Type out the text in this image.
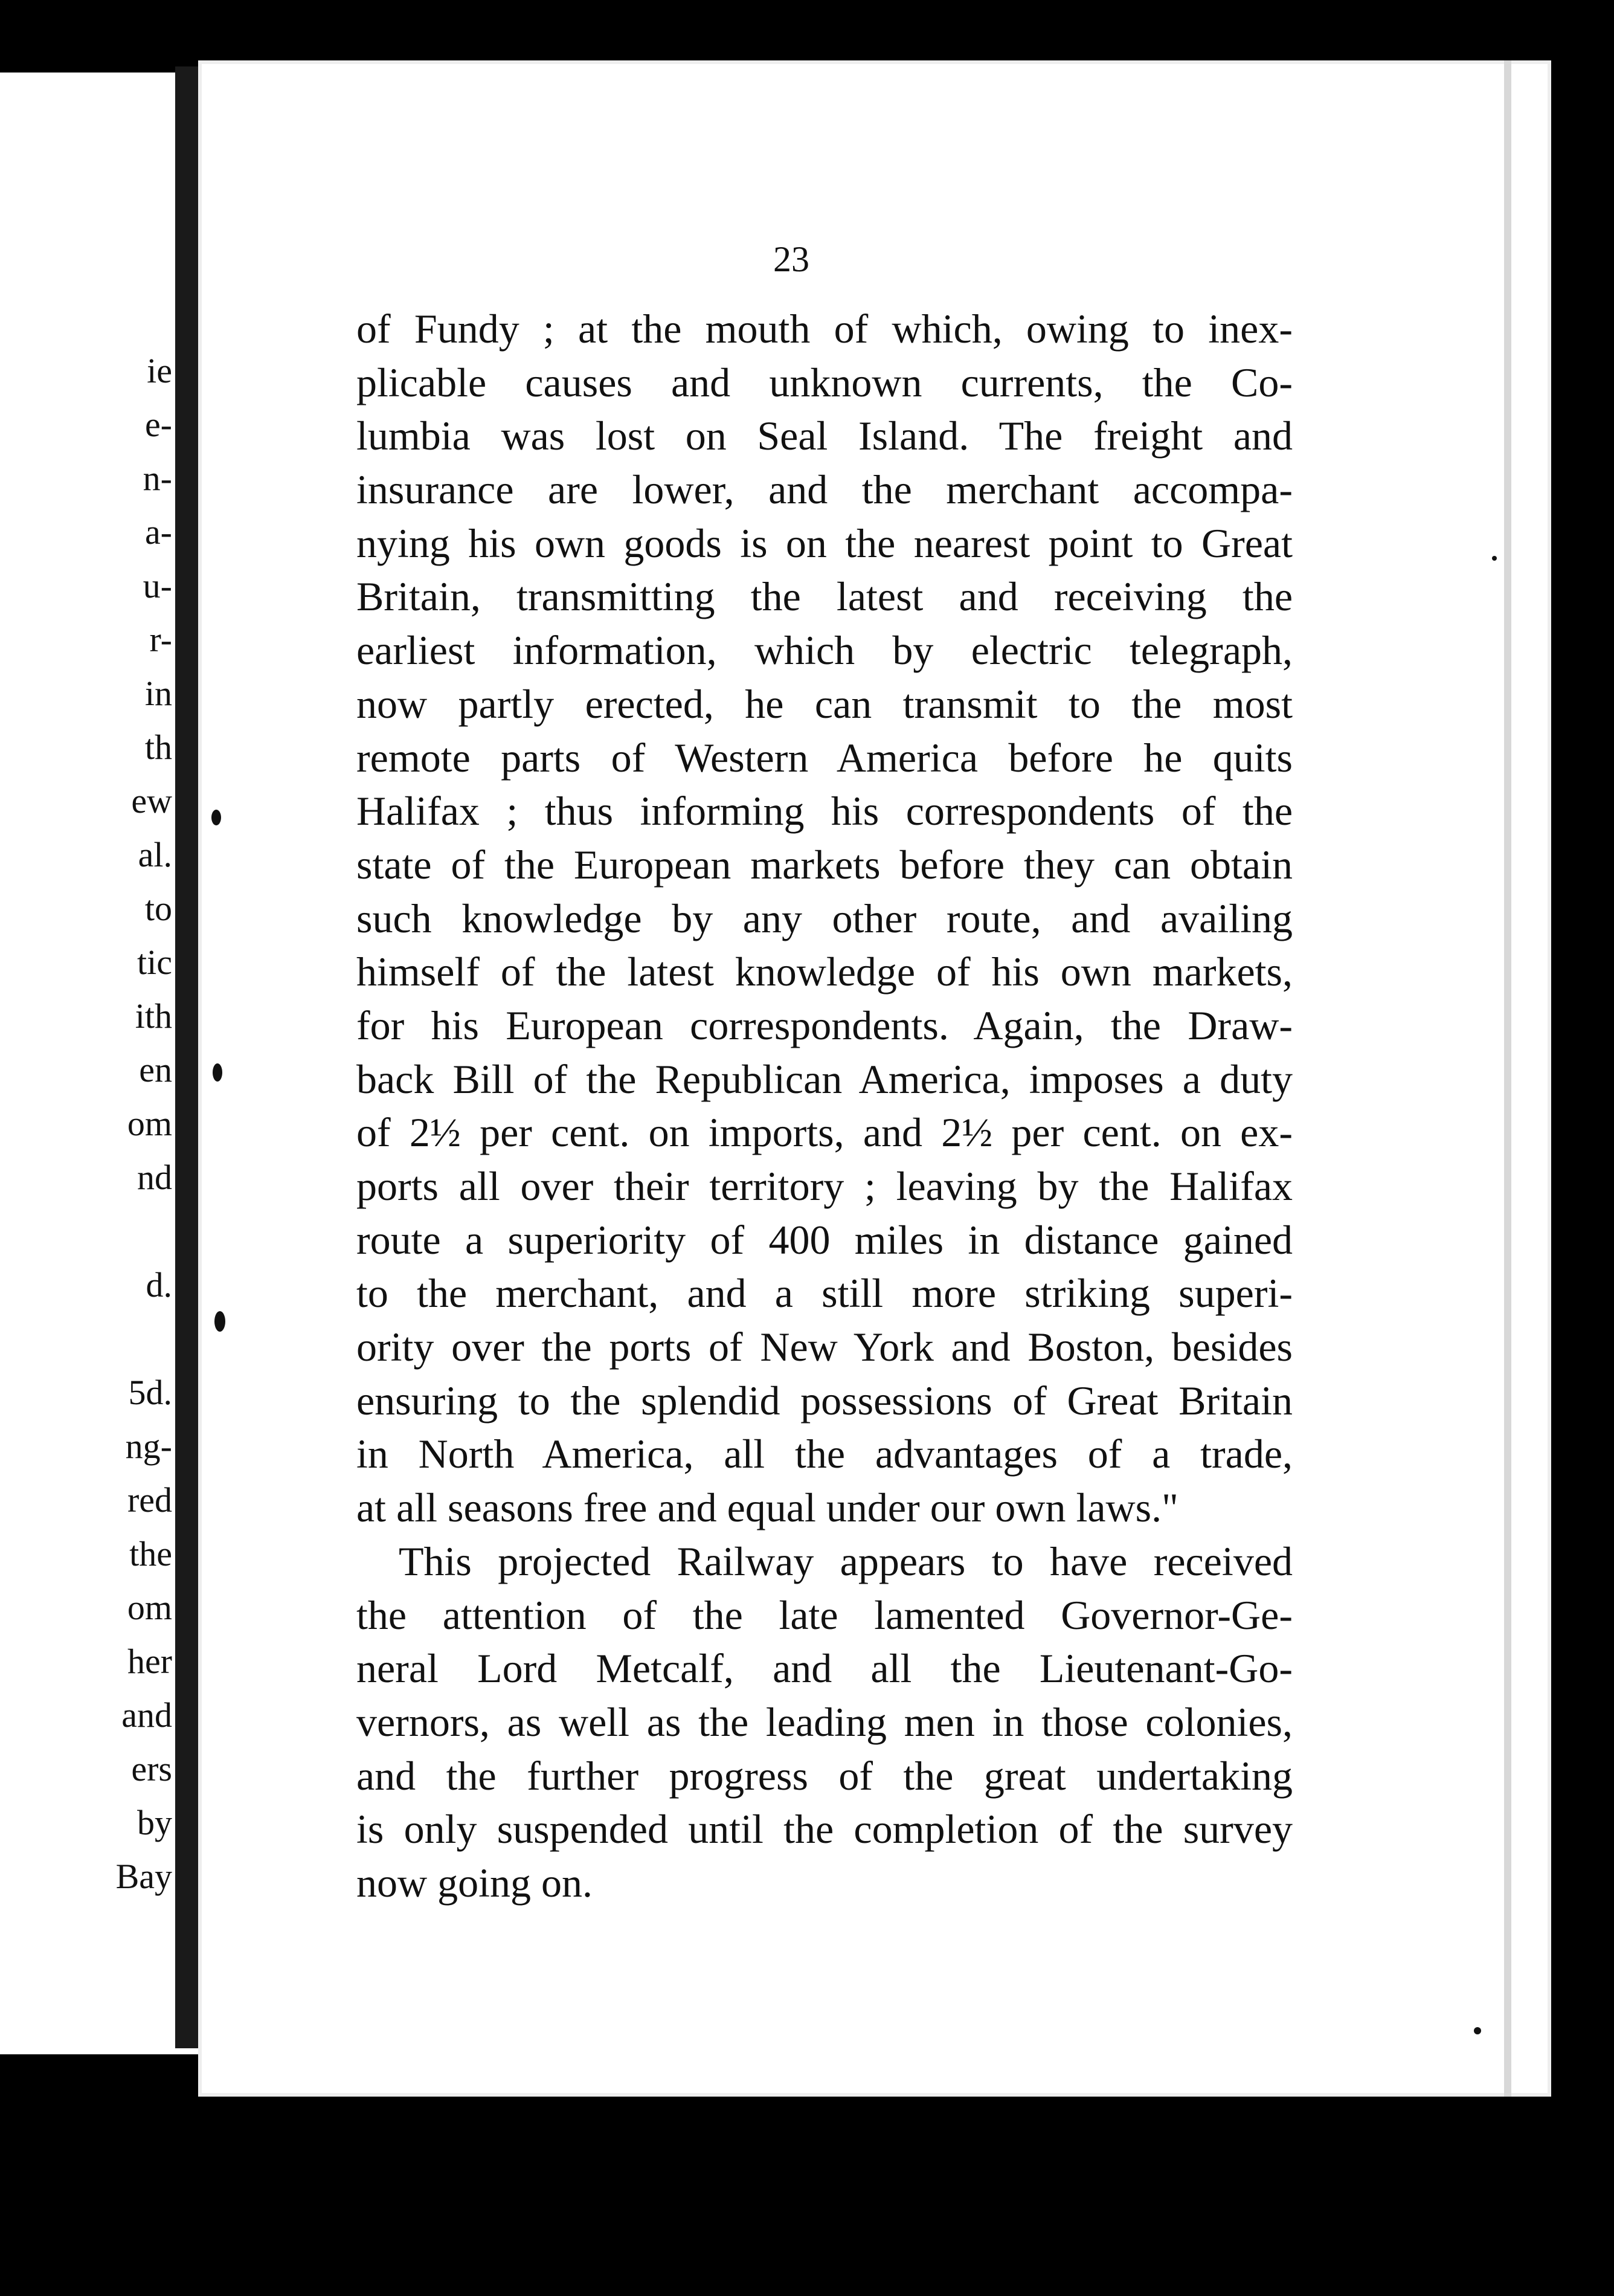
ie
e-
n-
a-
u-
r-
in
th
ew
al.
to
tic
ith
en
om
nd
d.
5d.
ng-
red
the
om
her
and
ers
by
Bay
23
of Fundy ; at the mouth of which, owing to inex-
plicable causes and unknown currents, the Co-
lumbia was lost on Seal Island. The freight and
insurance are lower, and the merchant accompa-
nying his own goods is on the nearest point to Great
Britain, transmitting the latest and receiving the
earliest information, which by electric telegraph,
now partly erected, he can transmit to the most
remote parts of Western America before he quits
Halifax ; thus informing his correspondents of the
state of the European markets before they can obtain
such knowledge by any other route, and availing
himself of the latest knowledge of his own markets,
for his European correspondents. Again, the Draw-
back Bill of the Republican America, imposes a duty
of 2½ per cent. on imports, and 2½ per cent. on ex-
ports all over their territory ; leaving by the Halifax
route a superiority of 400 miles in distance gained
to the merchant, and a still more striking superi-
ority over the ports of New York and Boston, besides
ensuring to the splendid possessions of Great Britain
in North America, all the advantages of a trade,
at all seasons free and equal under our own laws."
This projected Railway appears to have received
the attention of the late lamented Governor-Ge-
neral Lord Metcalf, and all the Lieutenant-Go-
vernors, as well as the leading men in those colonies,
and the further progress of the great undertaking
is only suspended until the completion of the survey
now going on.
